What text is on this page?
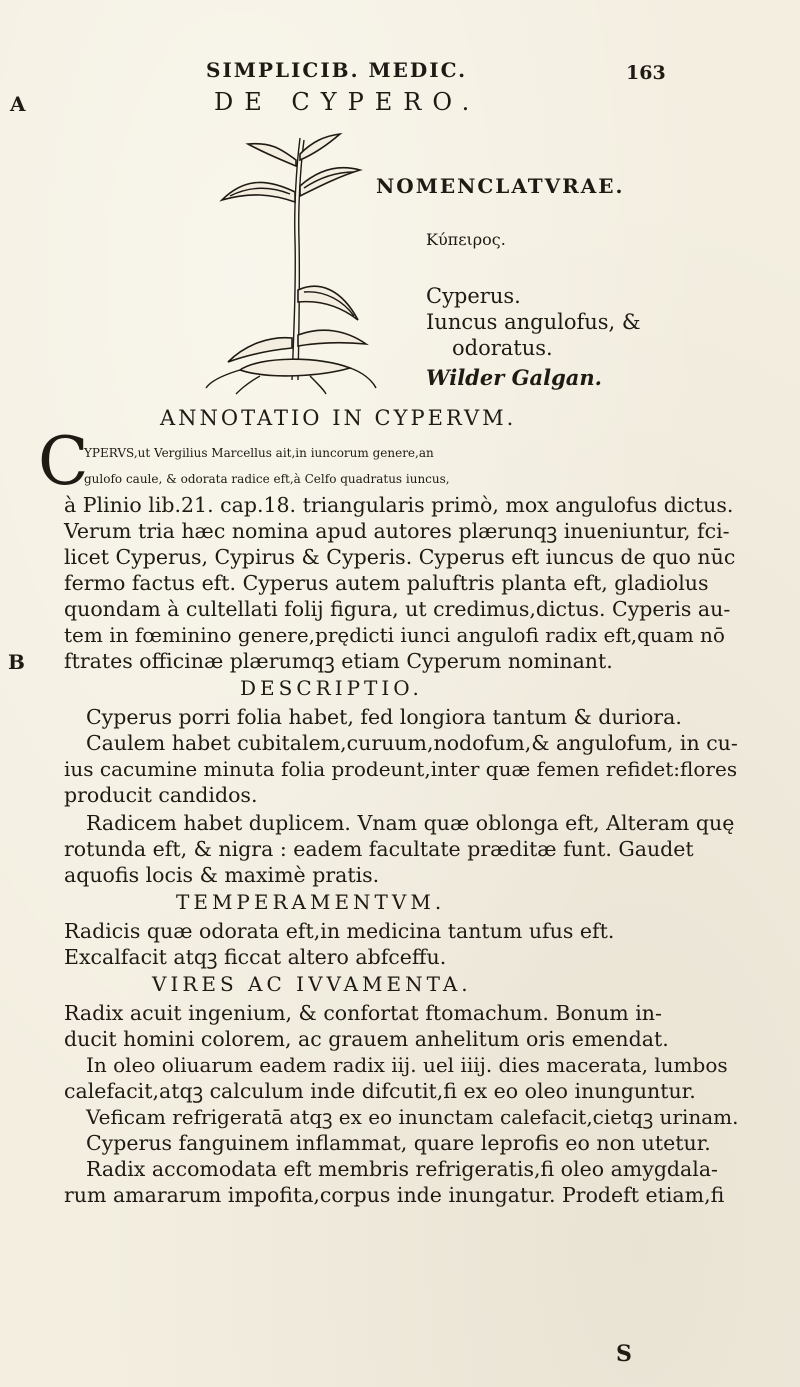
SIMPLICIB. MEDIC.	163
A	DE CYPERO.
NOMENCLATVRAE.
Κύπειρος.
Cyperus.
Iuncus angulofus, &
odoratus.
Wilder Galgan.
ANNOTATIO IN CYPERVM.
C
YPERVS,ut Vergilius Marcellus ait,in iuncorum genere,an
gulofo caule, & odorata radice eft,à Celfo quadratus iuncus,
à Plinio lib.21. cap.18. triangularis primò, mox angulofus dictus.
Verum tria hæc nomina apud autores plærunqꝫ inueniuntur, fci-
licet Cyperus, Cypirus & Cyperis. Cyperus eft iuncus de quo nūc
fermo factus eft. Cyperus autem paluftris planta eft, gladiolus
quondam à cultellati folij figura, ut credimus,dictus. Cyperis au-
tem in fœminino genere,prędicti iunci angulofi radix eft,quam nō
ftrates officinæ plærumqꝫ etiam Cyperum nominant.
B
DESCRIPTIO.
Cyperus porri folia habet, fed longiora tantum & duriora.
Caulem habet cubitalem,curuum,nodofum,& angulofum, in cu-
ius cacumine minuta folia prodeunt,inter quæ femen refidet:flores
producit candidos.
Radicem habet duplicem. Vnam quæ oblonga eft, Alteram quę
rotunda eft, & nigra : eadem facultate præditæ funt. Gaudet
aquofis locis & maximè pratis.
TEMPERAMENTVM.
Radicis quæ odorata eft,in medicina tantum ufus eft.
Excalfacit atqꝫ ficcat altero abfceffu.
VIRES AC IVVAMENTA.
Radix acuit ingenium, & confortat ftomachum. Bonum in-
ducit homini colorem, ac grauem anhelitum oris emendat.
In oleo oliuarum eadem radix iij. uel iiij. dies macerata, lumbos
calefacit,atqꝫ calculum inde difcutit,fi ex eo oleo inunguntur.
Veficam refrigeratā atqꝫ ex eo inunctam calefacit,cietqꝫ urinam.
Cyperus fanguinem inflammat, quare leprofis eo non utetur.
Radix accomodata eft membris refrigeratis,fi oleo amygdala-
rum amararum impofita,corpus inde inungatur. Prodeft etiam,fi
S
